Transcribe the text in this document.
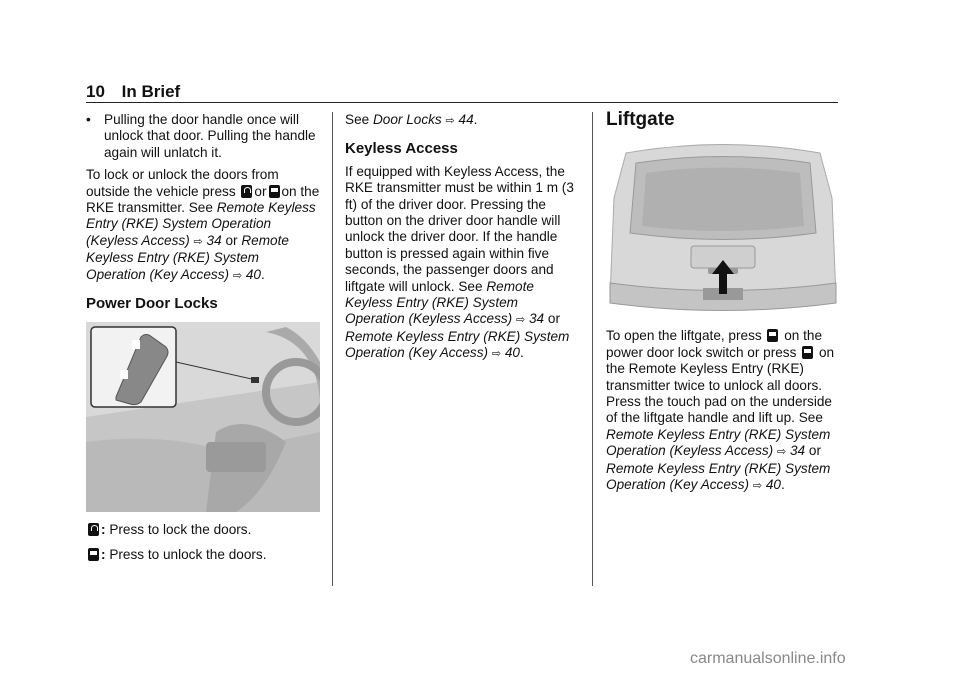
10 In Brief
• Pulling the door handle once will unlock that door. Pulling the handle again will unlatch it.

To lock or unlock the doors from outside the vehicle press or on the RKE transmitter. See Remote Keyless Entry (RKE) System Operation (Keyless Access) ⇨ 34 or Remote Keyless Entry (RKE) System Operation (Key Access) ⇨ 40.

Power Door Locks
: Press to lock the doors.
: Press to unlock the doors.

See Door Locks ⇨ 44.

Keyless Access

If equipped with Keyless Access, the RKE transmitter must be within 1 m (3 ft) of the driver door. Pressing the button on the driver door handle will unlock the driver door. If the handle button is pressed again within five seconds, the passenger doors and liftgate will unlock. See Remote Keyless Entry (RKE) System Operation (Keyless Access) ⇨ 34 or Remote Keyless Entry (RKE) System Operation (Key Access) ⇨ 40.

Liftgate

To open the liftgate, press on the power door lock switch or press on the Remote Keyless Entry (RKE) transmitter twice to unlock all doors. Press the touch pad on the underside of the liftgate handle and lift up. See Remote Keyless Entry (RKE) System Operation (Keyless Access) ⇨ 34 or Remote Keyless Entry (RKE) System Operation (Key Access) ⇨ 40.

carmanualsonline.info
